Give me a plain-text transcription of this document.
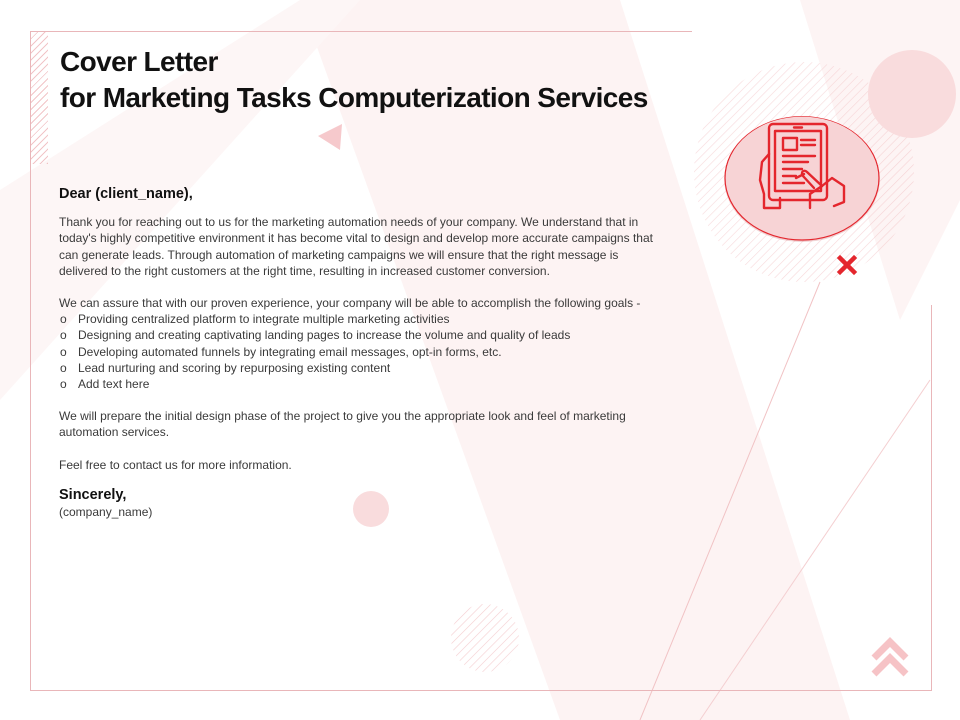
Cover Letter
for Marketing Tasks Computerization Services
Dear (client_name),

Thank you for reaching out to us for the marketing automation needs of your company. We understand that in today's highly competitive environment it has become vital to design and develop more accurate campaigns that can generate leads. Through automation of marketing campaigns we will ensure that the right message is delivered to the right customers at the right time, resulting in increased customer conversion.

We can assure that with our proven experience, your company will be able to accomplish the following goals -
o Providing centralized platform to integrate multiple marketing activities
o Designing and creating captivating landing pages to increase the volume and quality of leads
o Developing automated funnels by integrating email messages, opt-in forms, etc.
o Lead nurturing and scoring by repurposing existing content
o Add text here

We will prepare the initial design phase of the project to give you the appropriate look and feel of marketing automation services.

Feel free to contact us for more information.
Sincerely,
(company_name)
